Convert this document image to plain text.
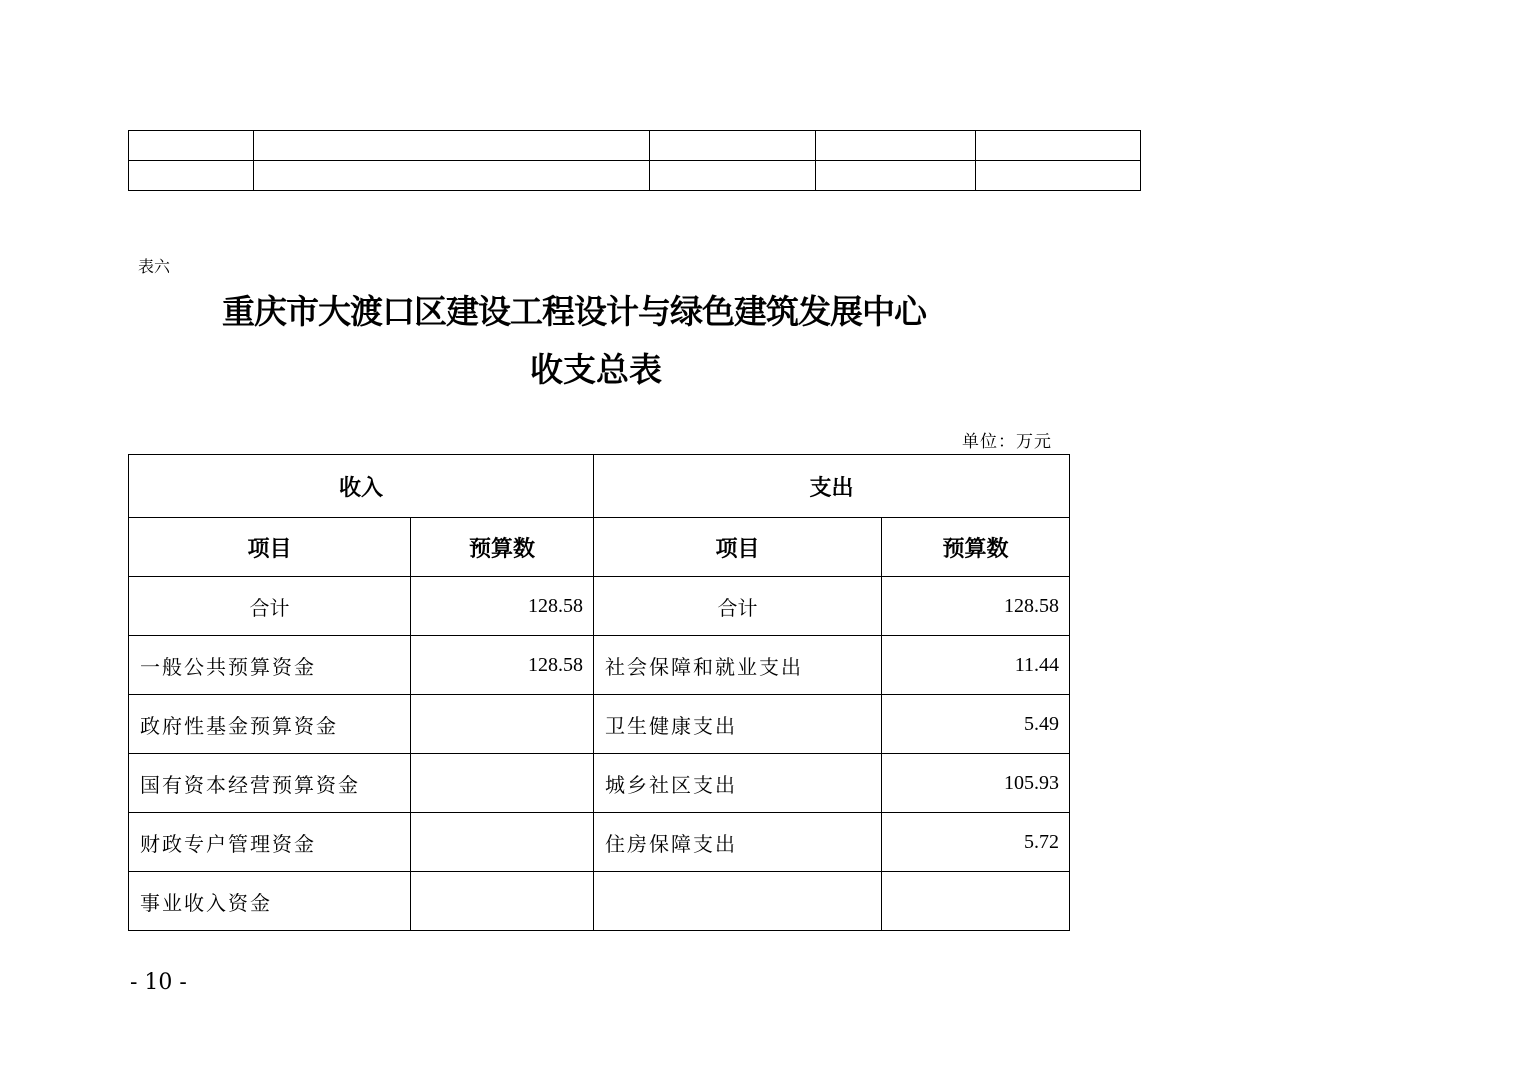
表六
重庆市大渡口区建设工程设计与绿色建筑发展中心
收支总表
单位：万元
收入		支出	
项目	预算数	项目	预算数
合计	128.58	合计	128.58
一般公共预算资金	128.58	社会保障和就业支出	11.44
政府性基金预算资金		卫生健康支出	5.49
国有资本经营预算资金		城乡社区支出	105.93
财政专户管理资金		住房保障支出	5.72
事业收入资金			
- 10 -
